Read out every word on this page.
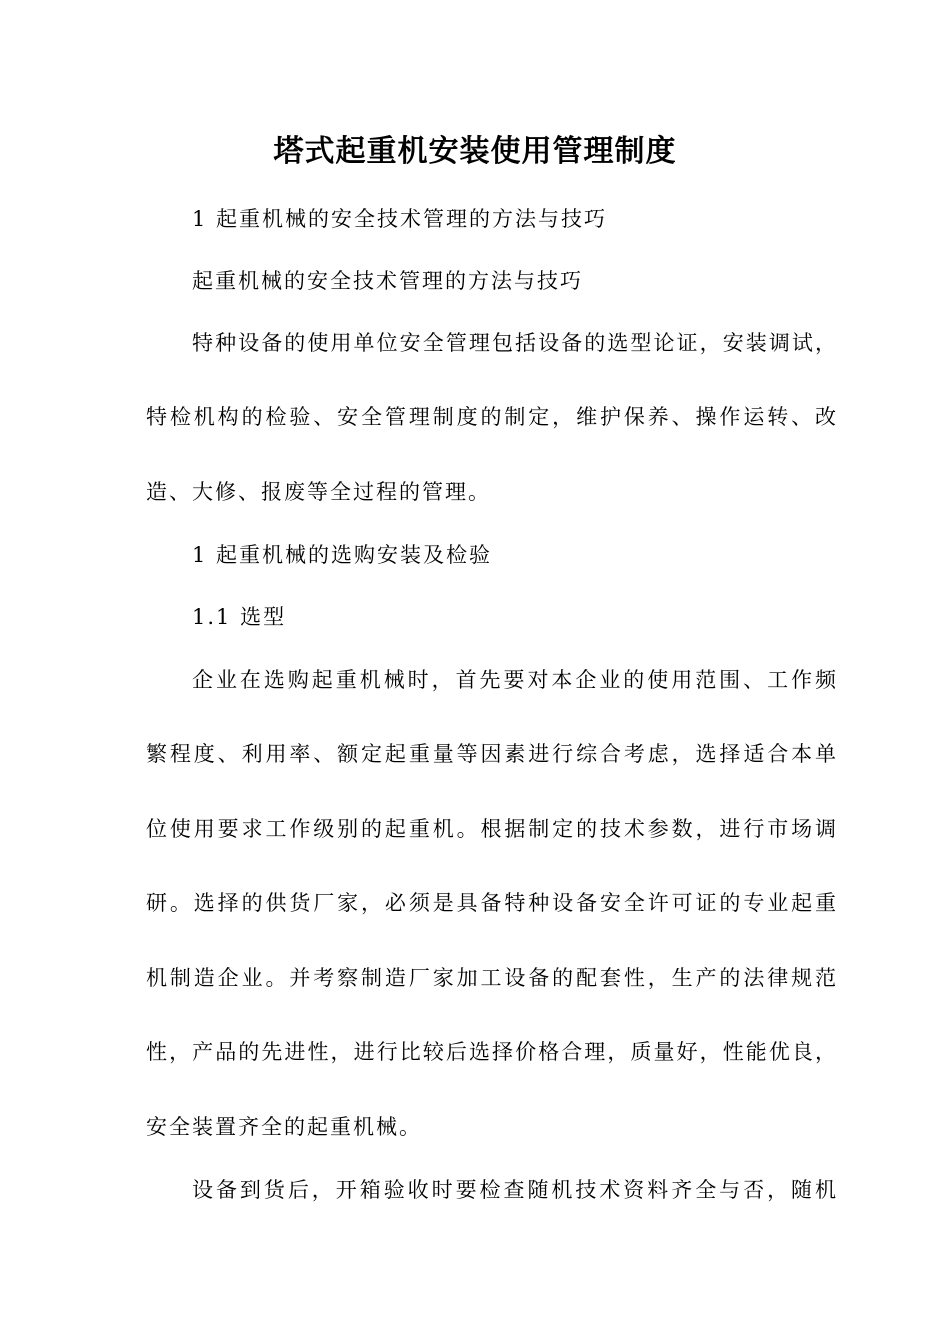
塔式起重机安装使用管理制度

1 起重机械的安全技术管理的方法与技巧

起重机械的安全技术管理的方法与技巧

特种设备的使用单位安全管理包括设备的选型论证，安装调试，

特检机构的检验、安全管理制度的制定，维护保养、操作运转、改

造、大修、报废等全过程的管理。

1 起重机械的选购安装及检验

1.1 选型

企业在选购起重机械时，首先要对本企业的使用范围、工作频

繁程度、利用率、额定起重量等因素进行综合考虑，选择适合本单

位使用要求工作级别的起重机。根据制定的技术参数，进行市场调

研。选择的供货厂家，必须是具备特种设备安全许可证的专业起重

机制造企业。并考察制造厂家加工设备的配套性，生产的法律规范

性，产品的先进性，进行比较后选择价格合理，质量好，性能优良，

安全装置齐全的起重机械。

设备到货后，开箱验收时要检查随机技术资料齐全与否，随机
